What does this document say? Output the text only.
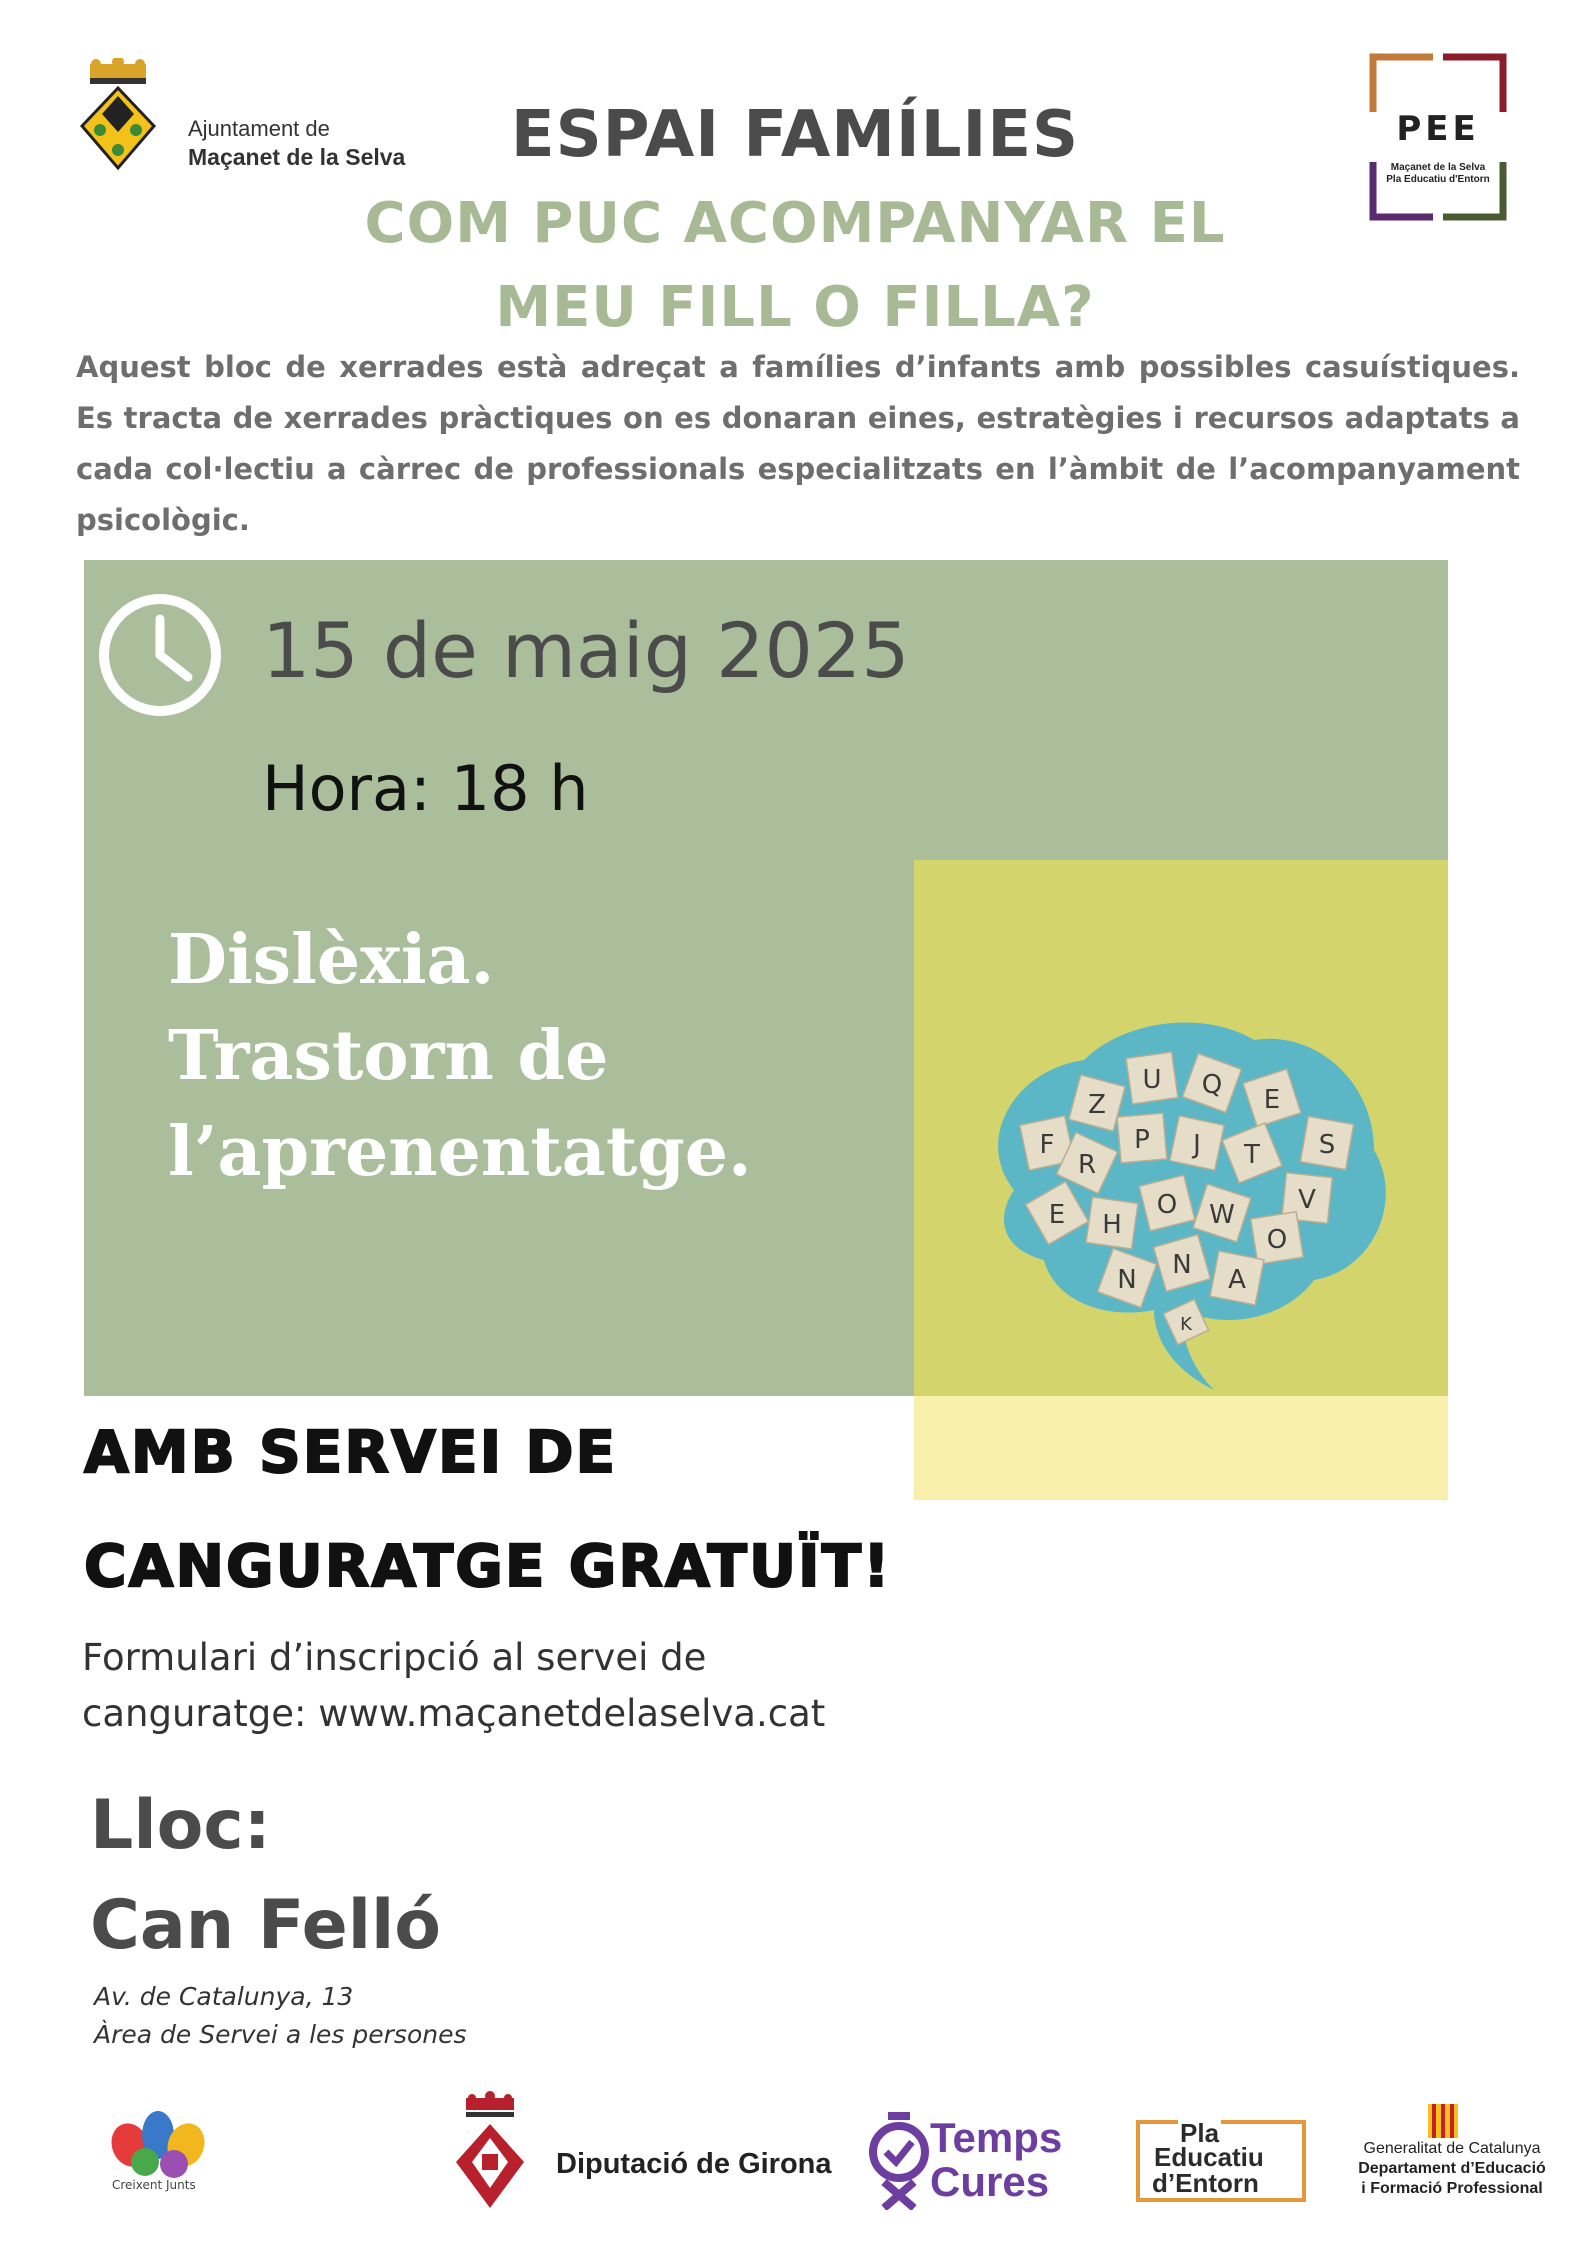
Ajuntament de
Maçanet de la Selva
PEE
Maçanet de la Selva
Pla Educatiu d'Entorn
ESPAI FAMÍLIES
COM PUC ACOMPANYAR EL
MEU FILL O FILLA?
Aquest bloc de xerrades està adreçat a famílies d’infants amb possibles casuístiques. Es tracta de xerrades pràctiques on es donaran eines, estratègies i recursos adaptats a cada col·lectiu a càrrec de professionals especialitzats en l’àmbit de l’acompanyament psicològic.
15 de maig 2025
Hora: 18 h
F
Z
U Q E
S
R
P J T
V
E H
O W
O
N N A
K
Dislèxia.
Trastorn de
l’aprenentatge.
AMB SERVEI DE
CANGURATGE GRATUÏT!
Formulari d’inscripció al servei de
canguratge: www.maçanetdelaselva.cat
Lloc:
Can Felló
Av. de Catalunya, 13
Àrea de Servei a les persones
Creixent Junts
Diputació de Girona
Temps
Cures
Pla
Educatiu
d’Entorn
Generalitat de Catalunya
Departament d’Educació
i Formació Professional
